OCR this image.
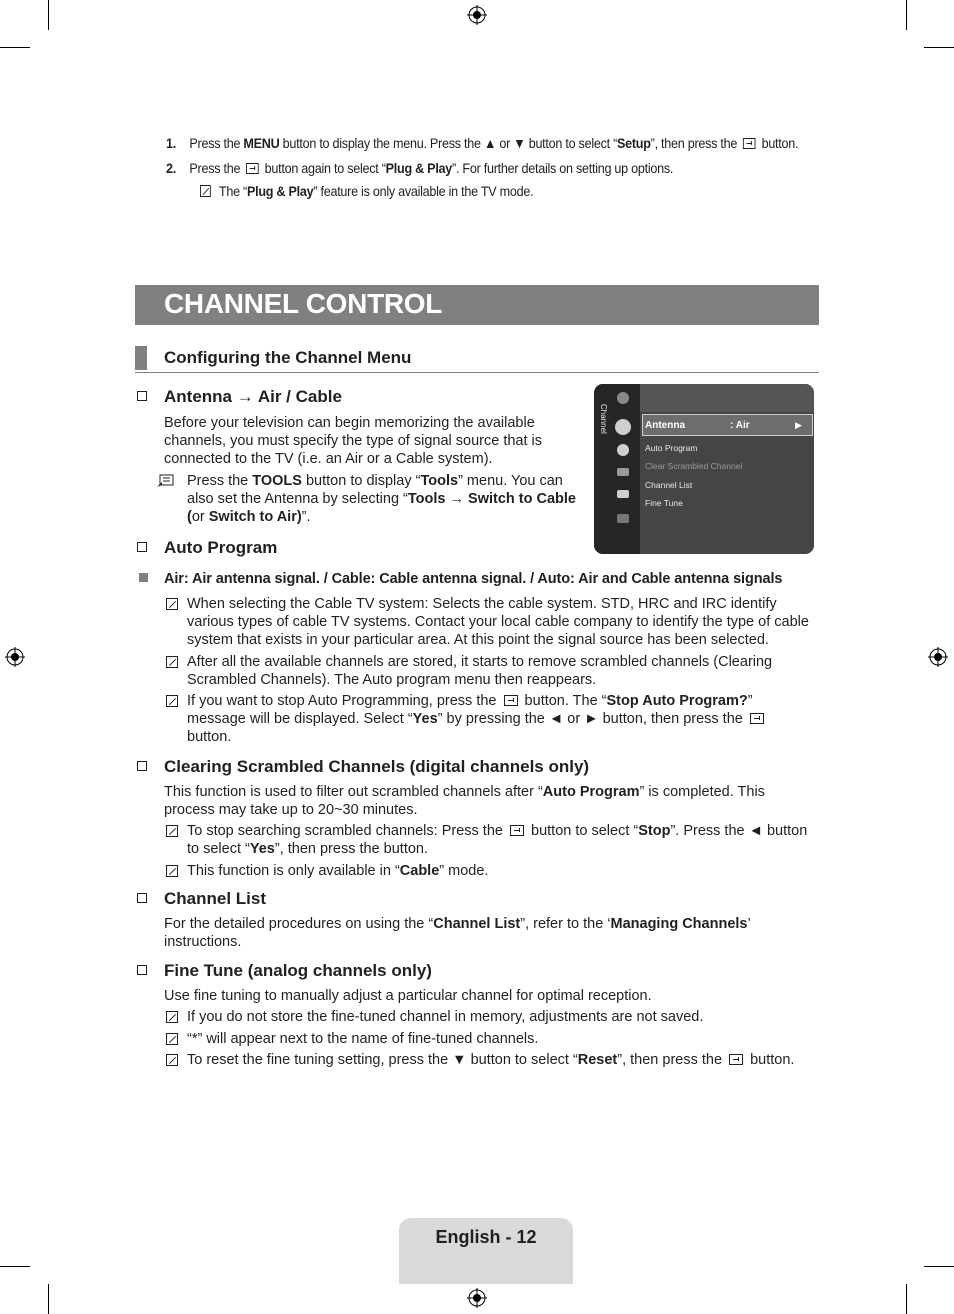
1. Press the MENU button to display the menu. Press the ▲ or ▼ button to select “Setup”, then press the  button.
2. Press the  button again to select “Plug & Play”. For further details on setting up options.
The “Plug & Play” feature is only available in the TV mode.
CHANNEL CONTROL
Configuring the Channel Menu
Antenna → Air / Cable
Before your television can begin memorizing the available
channels, you must specify the type of signal source that is
connected to the TV (i.e. an Air or a Cable system).
Press the TOOLS button to display “Tools” menu. You can
also set the Antenna by selecting “Tools → Switch to Cable
(or Switch to Air)”.
Channel	Antenna	: Air	▶
Auto Program
Clear Scrambled Channel
Channel List
Fine Tune
Auto Program
Air: Air antenna signal. / Cable: Cable antenna signal. / Auto: Air and Cable antenna signals
When selecting the Cable TV system: Selects the cable system. STD, HRC and IRC identify
various types of cable TV systems. Contact your local cable company to identify the type of cable
system that exists in your particular area. At this point the signal source has been selected.
After all the available channels are stored, it starts to remove scrambled channels (Clearing
Scrambled Channels). The Auto program menu then reappears.
If you want to stop Auto Programming, press the  button. The “Stop Auto Program?”
message will be displayed. Select “Yes” by pressing the ◄ or ► button, then press the
button.
Clearing Scrambled Channels (digital channels only)
This function is used to filter out scrambled channels after “Auto Program” is completed. This
process may take up to 20~30 minutes.
To stop searching scrambled channels: Press the  button to select “Stop”. Press the ◄ button
to select “Yes”, then press the button.
This function is only available in “Cable” mode.
Channel List
For the detailed procedures on using the “Channel List”, refer to the ‘Managing Channels’
instructions.
Fine Tune (analog channels only)
Use fine tuning to manually adjust a particular channel for optimal reception.
If you do not store the fine-tuned channel in memory, adjustments are not saved.
“*” will appear next to the name of fine-tuned channels.
To reset the fine tuning setting, press the ▼ button to select “Reset”, then press the  button.
English - 12
